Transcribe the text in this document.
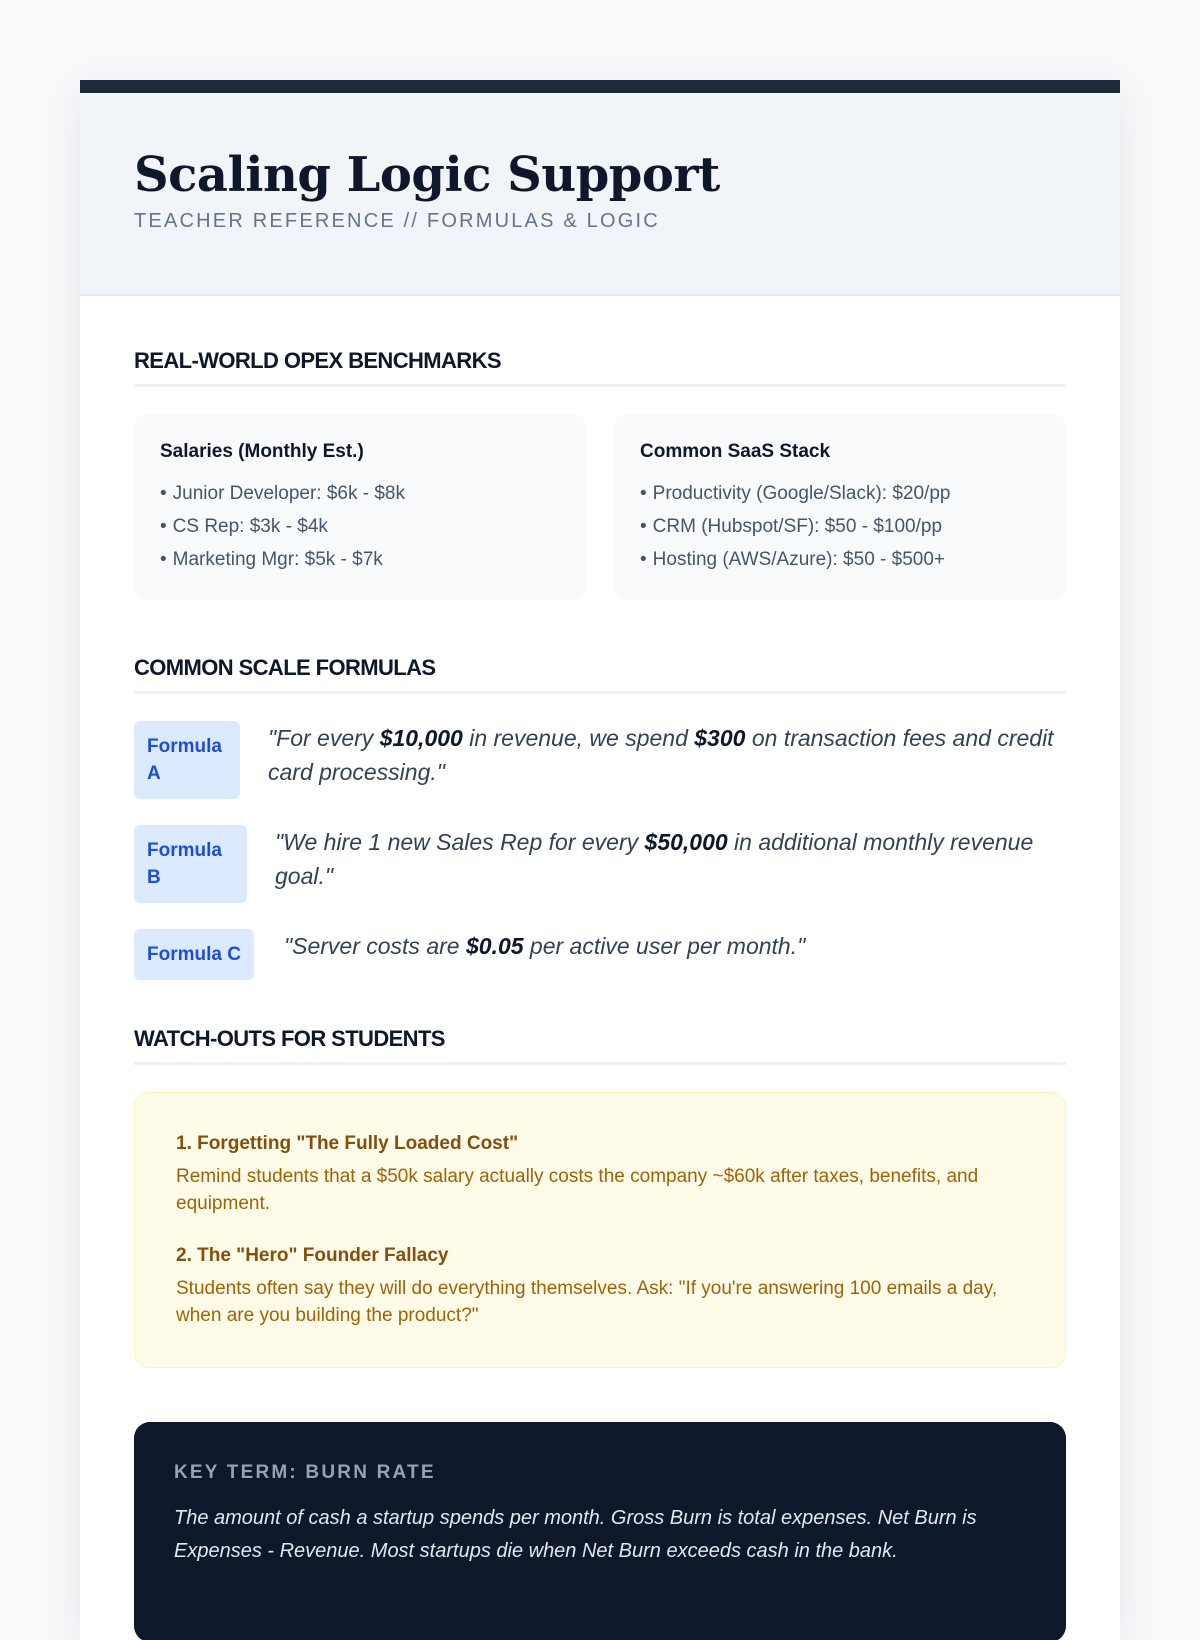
Scaling Logic Support
TEACHER REFERENCE // FORMULAS & LOGIC
REAL-WORLD OPEX BENCHMARKS
Salaries (Monthly Est.)
• Junior Developer: $6k - $8k
• CS Rep: $3k - $4k
• Marketing Mgr: $5k - $7k
Common SaaS Stack
• Productivity (Google/Slack): $20/pp
• CRM (Hubspot/SF): $50 - $100/pp
• Hosting (AWS/Azure): $50 - $500+
COMMON SCALE FORMULAS
Formula A
"For every $10,000 in revenue, we spend $300 on transaction fees and credit card processing."
Formula B
"We hire 1 new Sales Rep for every $50,000 in additional monthly revenue goal."
Formula C	"Server costs are $0.05 per active user per month."
WATCH-OUTS FOR STUDENTS
1. Forgetting "The Fully Loaded Cost"
Remind students that a $50k salary actually costs the company ~$60k after taxes, benefits, and equipment.
2. The "Hero" Founder Fallacy
Students often say they will do everything themselves. Ask: "If you're answering 100 emails a day, when are you building the product?"
KEY TERM: BURN RATE
The amount of cash a startup spends per month. Gross Burn is total expenses. Net Burn is Expenses - Revenue. Most startups die when Net Burn exceeds cash in the bank.
